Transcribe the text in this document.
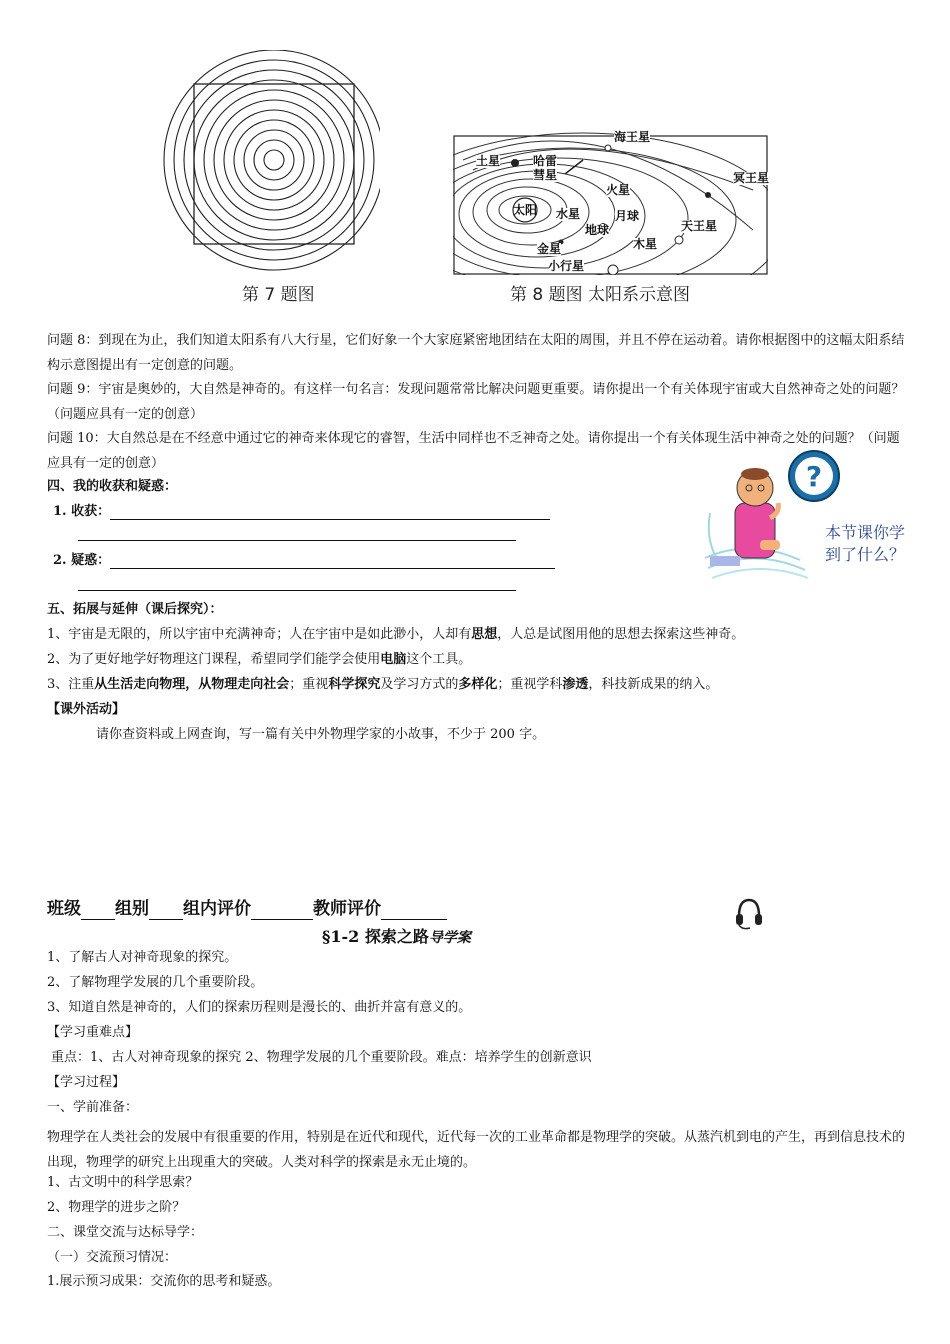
第 7 题图
海王星
土星	哈雷
彗星	冥王星
火星
太阳 水星	月球
天王星
地球
金星	木星
小行星
第 8 题图 太阳系示意图
问题 8：到现在为止，我们知道太阳系有八大行星，它们好象一个大家庭紧密地团结在太阳的周围，并且不停在运动着。请你根据图中的这幅太阳系结构示意图提出有一定创意的问题。
问题 9：宇宙是奥妙的，大自然是神奇的。有这样一句名言：发现问题常常比解决问题更重要。请你提出一个有关体现宇宙或大自然神奇之处的问题？（问题应具有一定的创意）
问题 10：大自然总是在不经意中通过它的神奇来体现它的睿智，生活中同样也不乏神奇之处。请你提出一个有关体现生活中神奇之处的问题？（问题应具有一定的创意）
四、我的收获和疑惑：
1. 收获：
2. 疑惑：
?
本节课你学到了什么？
五、拓展与延伸（课后探究）：
1、宇宙是无限的，所以宇宙中充满神奇；人在宇宙中是如此渺小，人却有思想，人总是试图用他的思想去探索这些神奇。
2、为了更好地学好物理这门课程，希望同学们能学会使用电脑这个工具。
3、注重从生活走向物理，从物理走向社会；重视科学探究及学习方式的多样化；重视学科渗透，科技新成果的纳入。
【课外活动】
请你查资料或上网查询，写一篇有关中外物理学家的小故事，不少于 200 字。
班级 组别 组内评价	教师评价
§1-2 探索之路导学案
1、了解古人对神奇现象的探究。
2、了解物理学发展的几个重要阶段。
3、知道自然是神奇的，人们的探索历程则是漫长的、曲折并富有意义的。
【学习重难点】
重点：1、古人对神奇现象的探究 2、物理学发展的几个重要阶段。难点：培养学生的创新意识
【学习过程】
一、学前准备：
物理学在人类社会的发展中有很重要的作用，特别是在近代和现代，近代每一次的工业革命都是物理学的突破。从蒸汽机到电的产生，再到信息技术的出现，物理学的研究上出现重大的突破。人类对科学的探索是永无止境的。
1、古文明中的科学思索？
2、物理学的进步之阶？
二、课堂交流与达标导学：
（一）交流预习情况：
1.展示预习成果：交流你的思考和疑惑。
